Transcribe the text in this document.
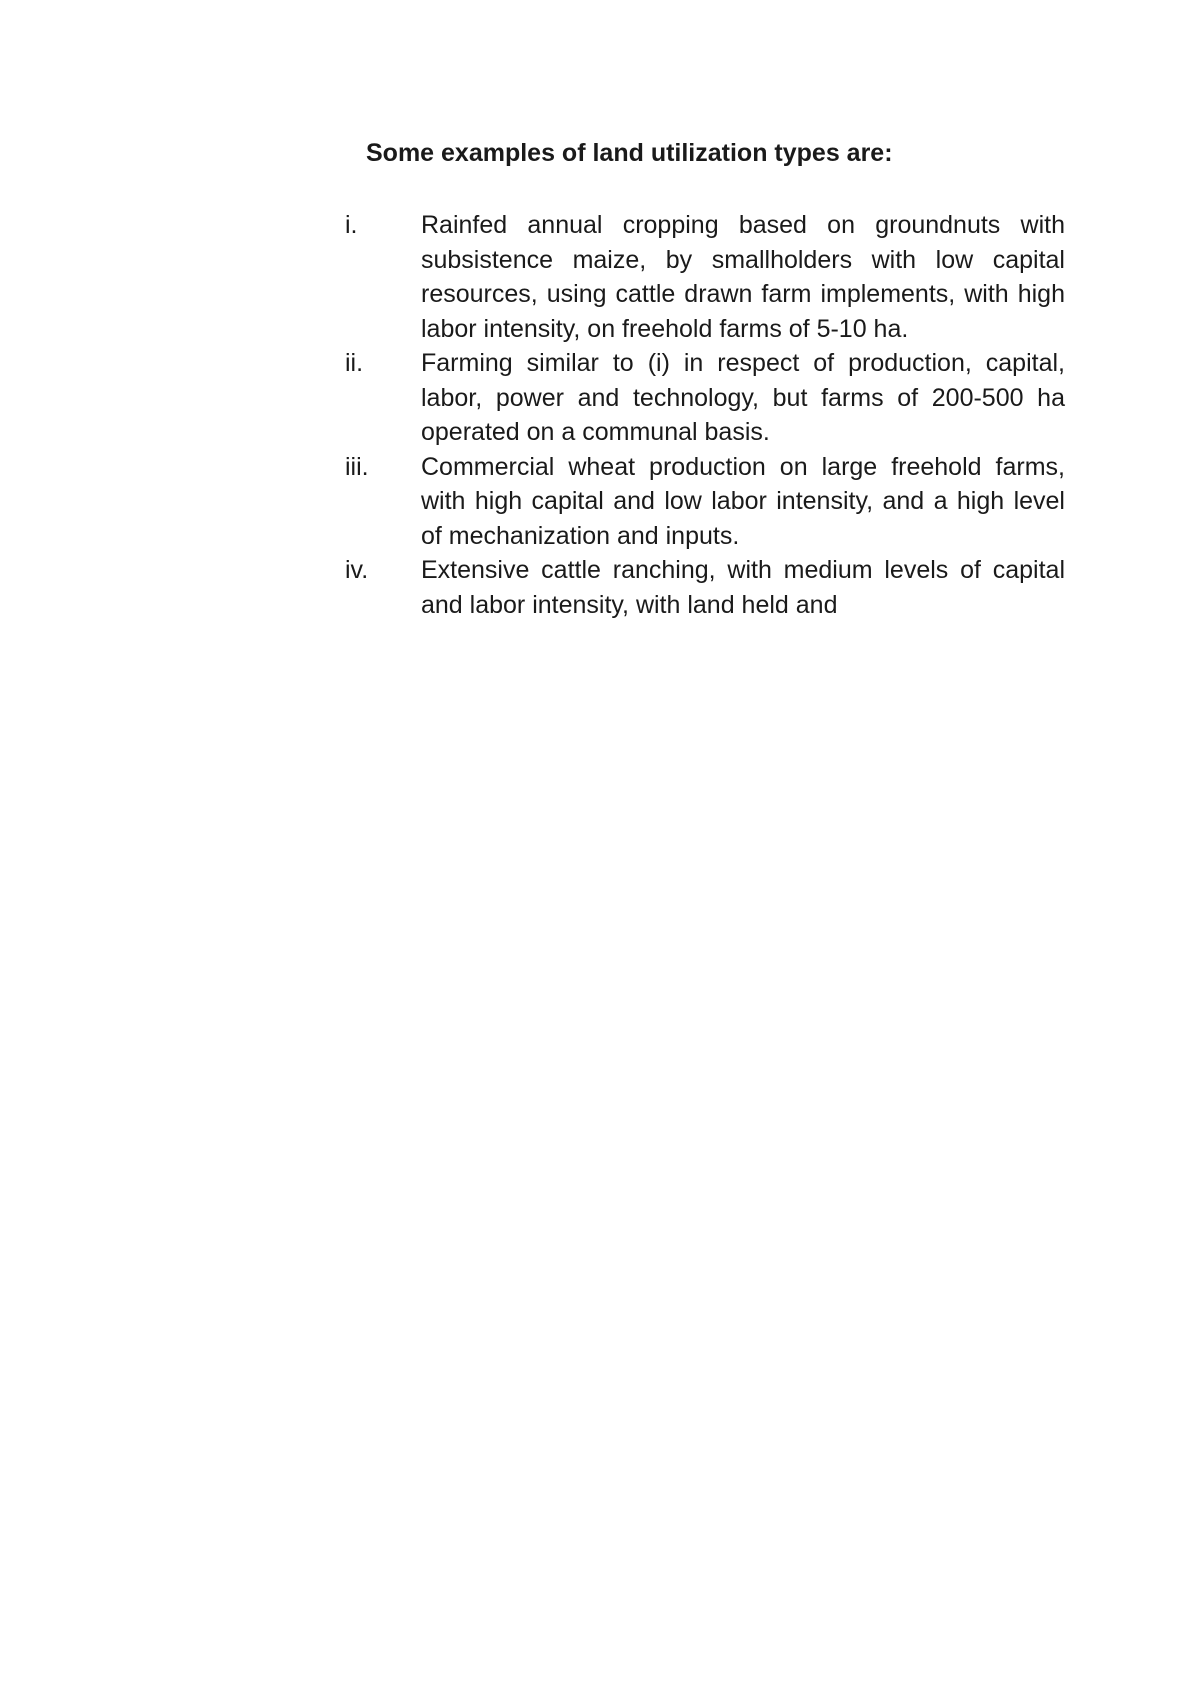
Some examples of land utilization types are:
i.	Rainfed annual cropping based on groundnuts with subsistence maize, by smallholders with low capital resources, using cattle drawn farm implements, with high labor intensity, on freehold farms of 5-10 ha.
ii.	Farming similar to (i) in respect of production, capital, labor, power and technology, but farms of 200-500 ha operated on a communal basis.
iii.	Commercial wheat production on large freehold farms, with high capital and low labor intensity, and a high level of mechanization and inputs.
iv.	Extensive cattle ranching, with medium levels of capital and labor intensity, with land held and
